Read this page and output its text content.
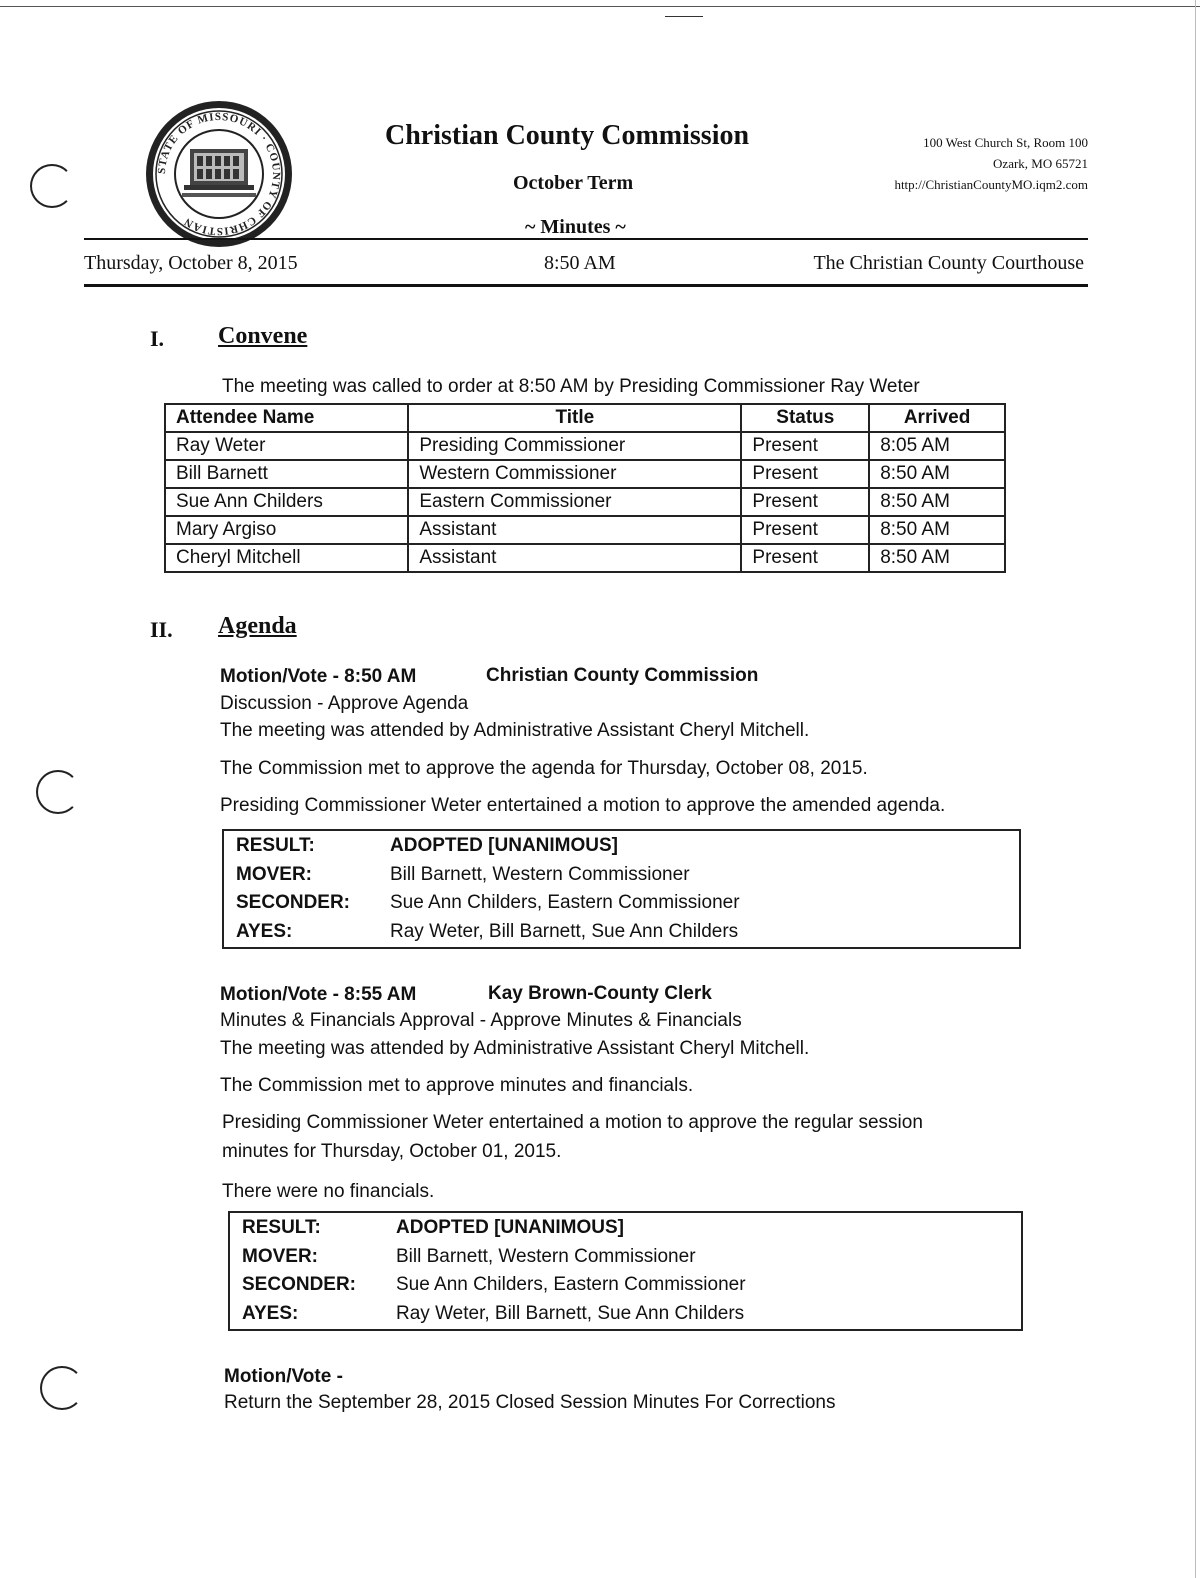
STATE OF MISSOURI · COUNTY OF CHRISTIAN
Christian County Commission
October Term
~ Minutes ~
100 West Church St, Room 100
Ozark, MO 65721
http://ChristianCountyMO.iqm2.com
Thursday, October 8, 2015	8:50 AM	The Christian County Courthouse
I. Convene
The meeting was called to order at 8:50 AM by Presiding Commissioner Ray Weter
Attendee Name	Title	Status	Arrived
Ray Weter	Presiding Commissioner	Present	8:05 AM
Bill Barnett	Western Commissioner	Present	8:50 AM
Sue Ann Childers	Eastern Commissioner	Present	8:50 AM
Mary Argiso	Assistant	Present	8:50 AM
Cheryl Mitchell	Assistant	Present	8:50 AM
II. Agenda
Motion/Vote - 8:50 AM	Christian County Commission
Discussion - Approve Agenda
The meeting was attended by Administrative Assistant Cheryl Mitchell.
The Commission met to approve the agenda for Thursday, October 08, 2015.
Presiding Commissioner Weter entertained a motion to approve the amended agenda.
RESULT:	ADOPTED [UNANIMOUS]
MOVER:	Bill Barnett, Western Commissioner
SECONDER: Sue Ann Childers, Eastern Commissioner
AYES:	Ray Weter, Bill Barnett, Sue Ann Childers
Motion/Vote - 8:55 AM	Kay Brown-County Clerk
Minutes & Financials Approval - Approve Minutes & Financials
The meeting was attended by Administrative Assistant Cheryl Mitchell.
The Commission met to approve minutes and financials.
Presiding Commissioner Weter entertained a motion to approve the regular session
minutes for Thursday, October 01, 2015.
There were no financials.
RESULT:	ADOPTED [UNANIMOUS]
MOVER:	Bill Barnett, Western Commissioner
SECONDER: Sue Ann Childers, Eastern Commissioner
AYES:	Ray Weter, Bill Barnett, Sue Ann Childers
Motion/Vote -
Return the September 28, 2015 Closed Session Minutes For Corrections
